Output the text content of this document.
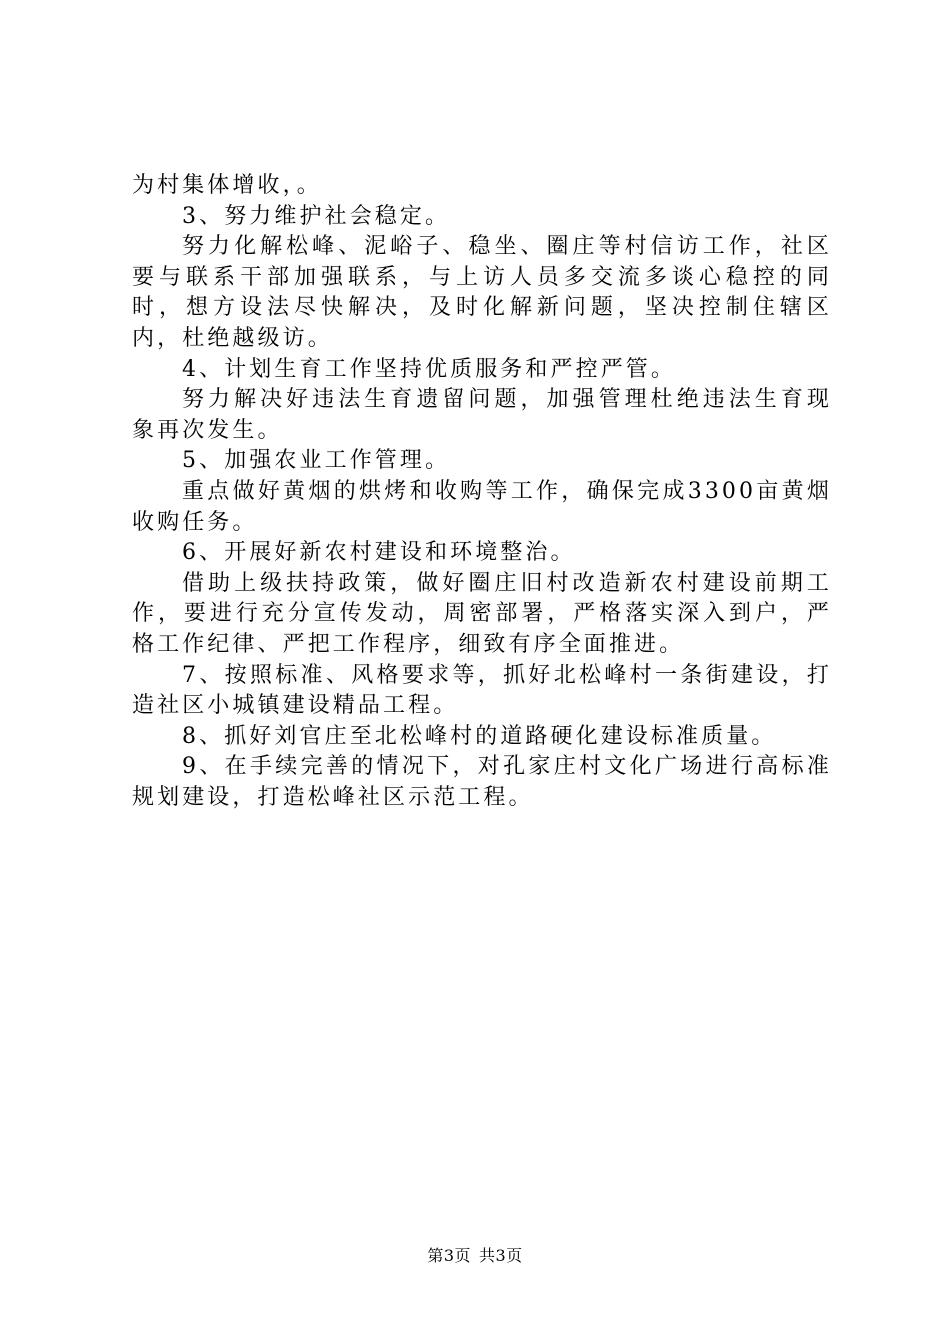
为村集体增收，。

3、努力维护社会稳定。

努力化解松峰、泥峪子、稳坐、圈庄等村信访工作，社区要与联系干部加强联系，与上访人员多交流多谈心稳控的同时，想方设法尽快解决，及时化解新问题，坚决控制住辖区内，杜绝越级访。

4、计划生育工作坚持优质服务和严控严管。

努力解决好违法生育遗留问题，加强管理杜绝违法生育现象再次发生。

5、加强农业工作管理。

重点做好黄烟的烘烤和收购等工作，确保完成3300亩黄烟收购任务。

6、开展好新农村建设和环境整治。

借助上级扶持政策，做好圈庄旧村改造新农村建设前期工作，要进行充分宣传发动，周密部署，严格落实深入到户，严格工作纪律、严把工作程序，细致有序全面推进。

7、按照标准、风格要求等，抓好北松峰村一条街建设，打造社区小城镇建设精品工程。

8、抓好刘官庄至北松峰村的道路硬化建设标准质量。

9、在手续完善的情况下，对孔家庄村文化广场进行高标准规划建设，打造松峰社区示范工程。

第3页 共3页
